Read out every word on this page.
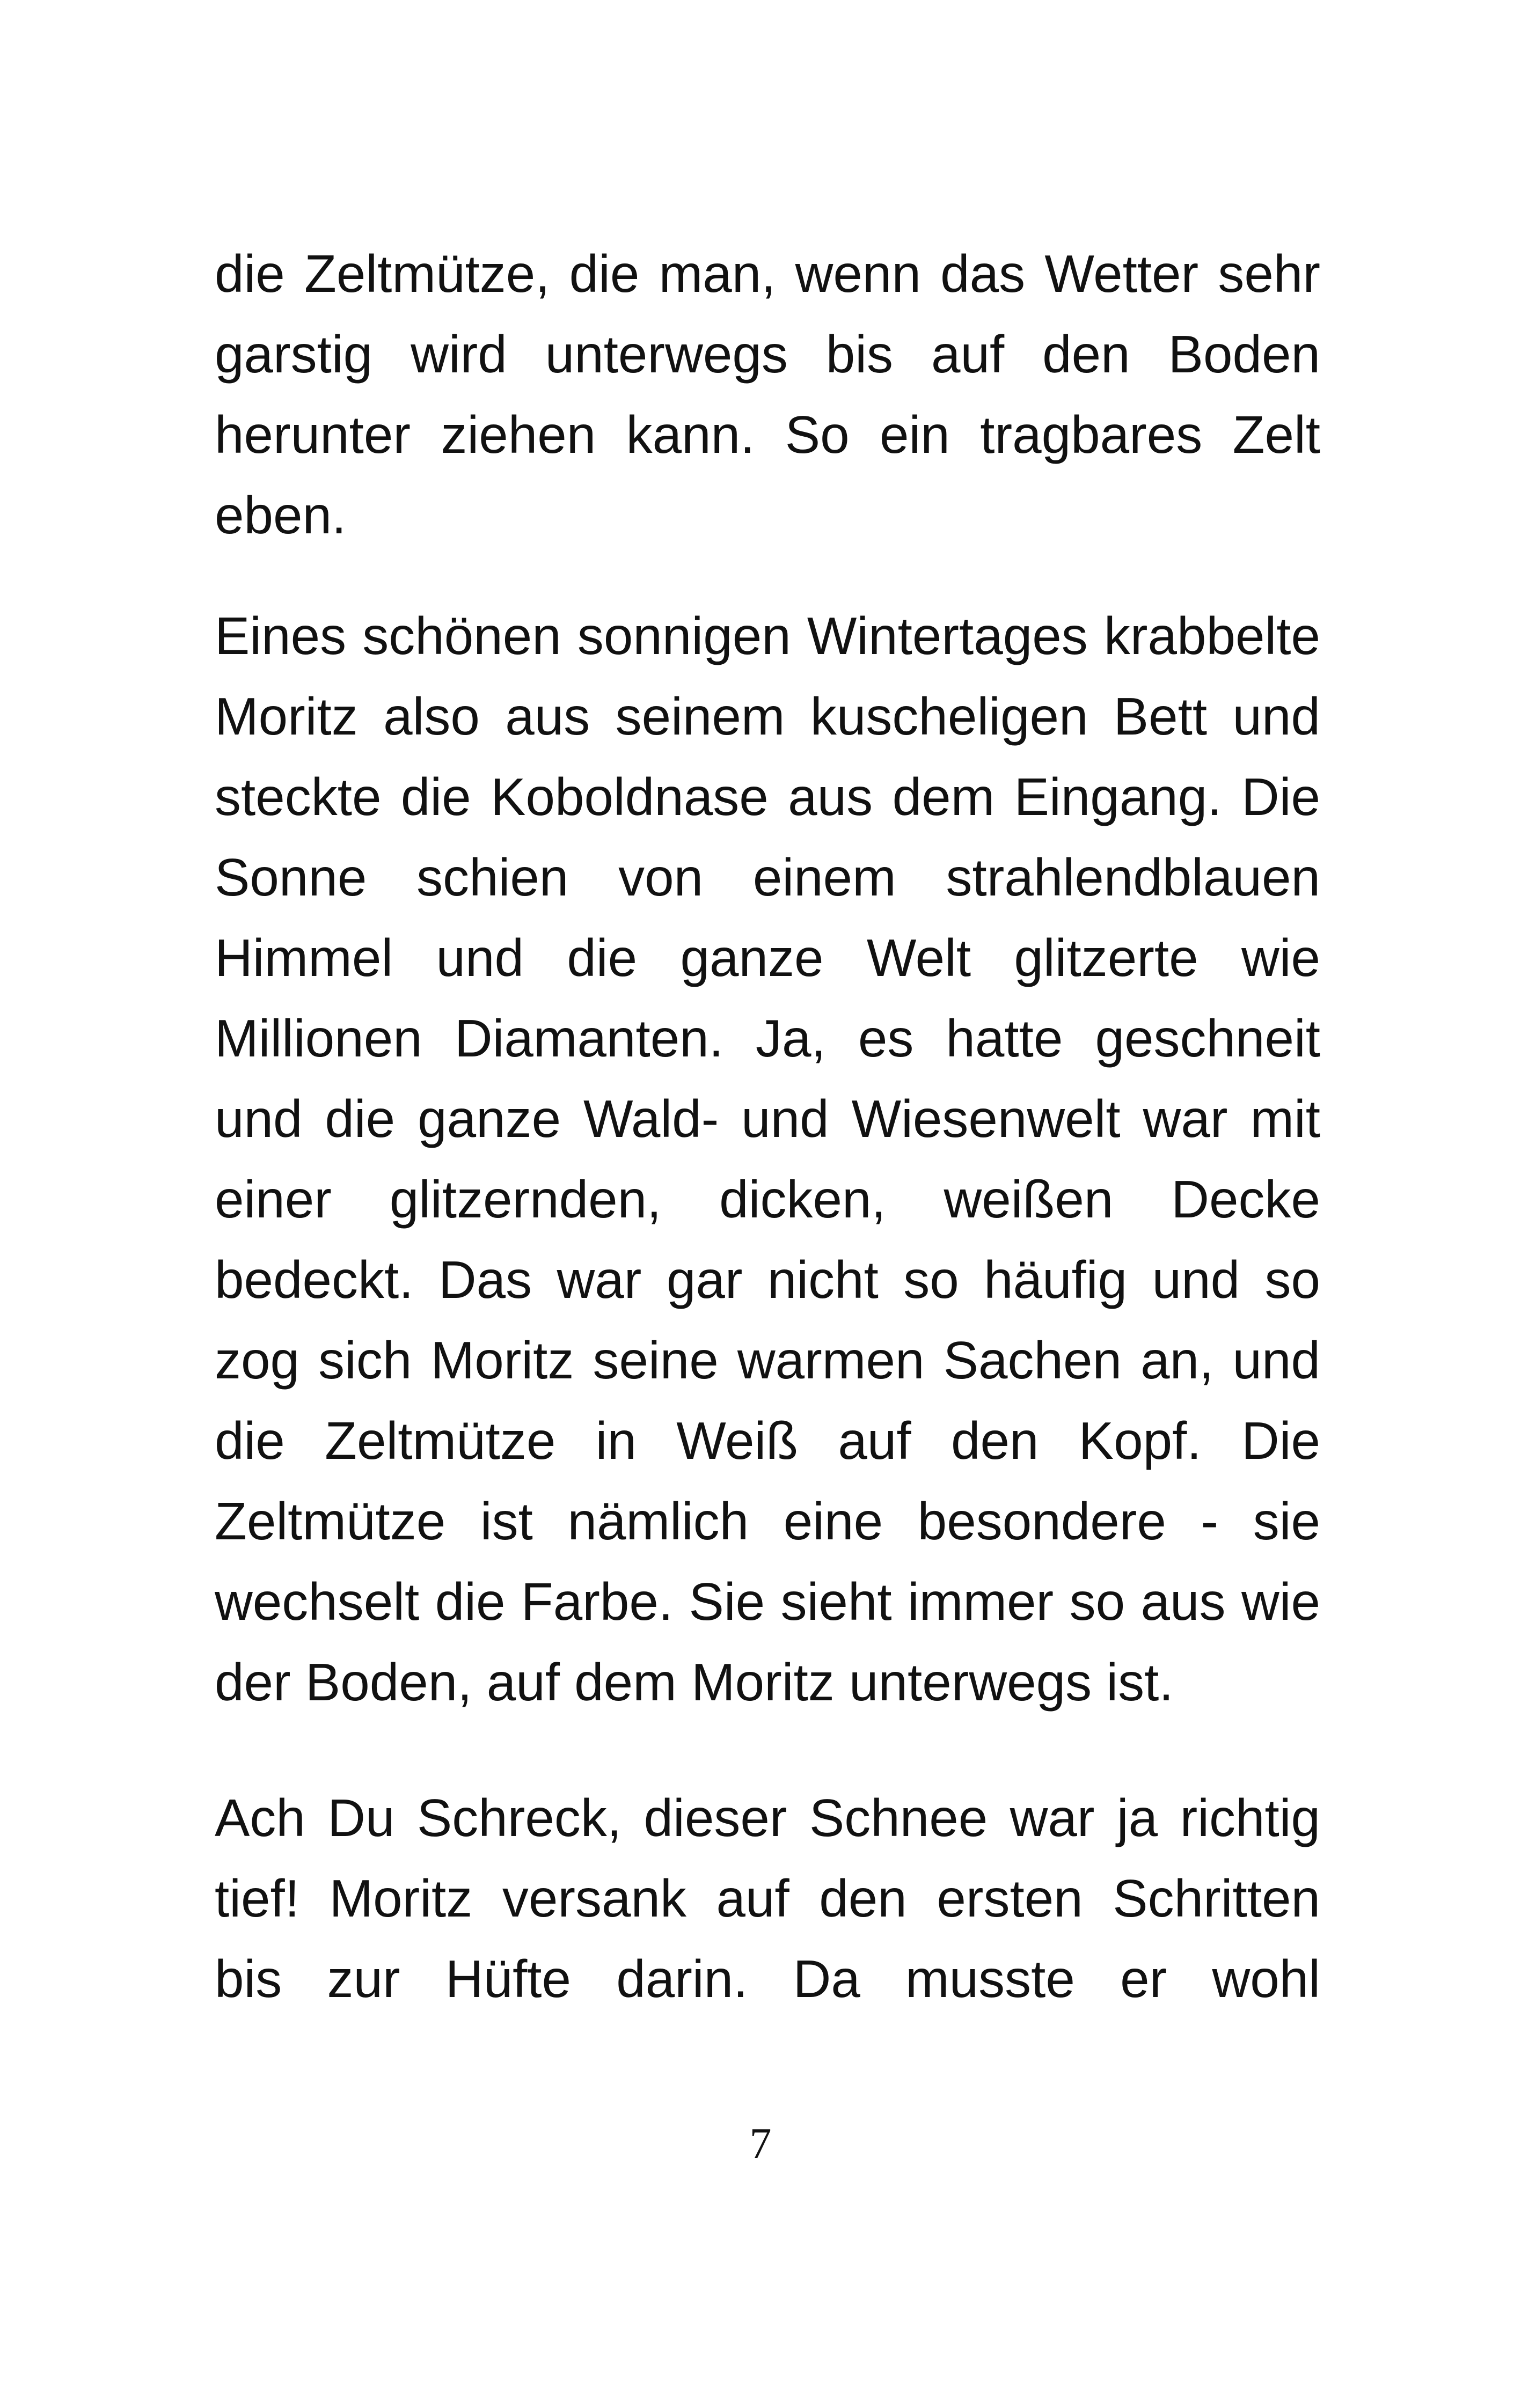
die Zeltmütze, die man, wenn das Wetter sehr
garstig wird unterwegs bis auf den Boden
herunter ziehen kann. So ein tragbares Zelt
eben.
Eines schönen sonnigen Wintertages krabbelte
Moritz also aus seinem kuscheligen Bett und
steckte die Koboldnase aus dem Eingang. Die
Sonne schien von einem strahlendblauen
Himmel und die ganze Welt glitzerte wie
Millionen Diamanten. Ja, es hatte geschneit
und die ganze Wald- und Wiesenwelt war mit
einer glitzernden, dicken, weißen Decke
bedeckt. Das war gar nicht so häufig und so
zog sich Moritz seine warmen Sachen an, und
die Zeltmütze in Weiß auf den Kopf. Die
Zeltmütze ist nämlich eine besondere - sie
wechselt die Farbe. Sie sieht immer so aus wie
der Boden, auf dem Moritz unterwegs ist.
Ach Du Schreck, dieser Schnee war ja richtig
tief! Moritz versank auf den ersten Schritten
bis zur Hüfte darin. Da musste er wohl
7
